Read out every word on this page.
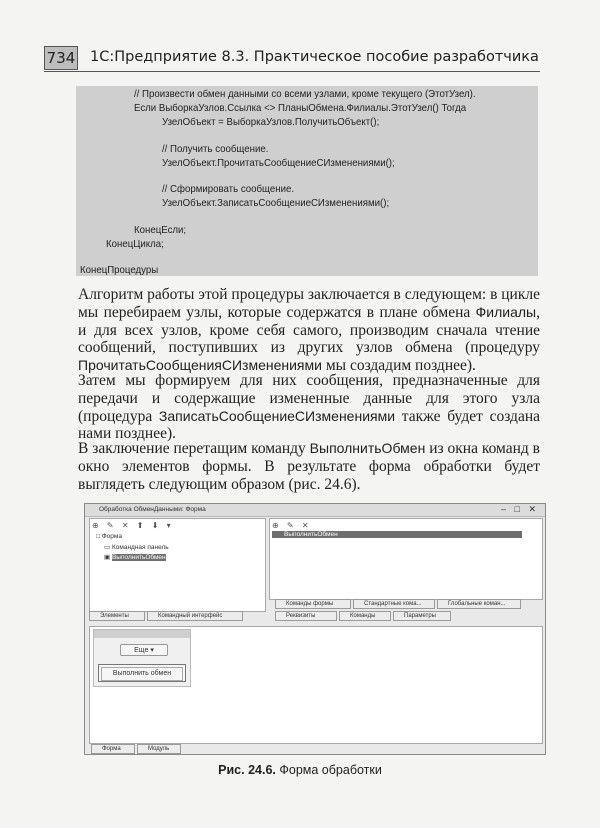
734 1С:Предприятие 8.3. Практическое пособие разработчика
// Произвести обмен данными со всеми узлами, кроме текущего (ЭтотУзел).
Если ВыборкаУзлов.Ссылка <> ПланыОбмена.Филиалы.ЭтотУзел() Тогда
УзелОбъект = ВыборкаУзлов.ПолучитьОбъект();
// Получить сообщение.
УзелОбъект.ПрочитатьСообщениеСИзменениями();
// Сформировать сообщение.
УзелОбъект.ЗаписатьСообщениеСИзменениями();
КонецЕсли;
КонецЦикла;
КонецПроцедуры

Алгоритм работы этой процедуры заключается в следующем: в цикле мы перебираем узлы, которые содержатся в плане обмена Филиалы, и для всех узлов, кроме себя самого, производим сначала чтение сообщений, поступивших из других узлов обмена (процедуру ПрочитатьСообщенияСИзменениями мы создадим позднее).

Затем мы формируем для них сообщения, предназначенные для передачи и содержащие измененные данные для этого узла (процедура ЗаписатьСообщениеСИзменениями также будет создана нами позднее).

В заключение перетащим команду ВыполнитьОбмен из окна команд в окно элементов формы. В результате форма обработки будет выглядеть следующим образом (рис. 24.6).

Обработка ОбменДанными: Форма	‒ □ ✕
⊕ ✎ ✕ ⬆ ⬇ ▾
□ Форма
▭ Командная панель
▣ ВыполнитьОбмен
Элементы	Командный интерфейс
⊕ ✎ ✕
ВыполнитьОбмен
Команды формы	Стандартные кома...	Глобальные коман...
Реквизиты	Команды	Параметры
Еще ▾
Выполнить обмен
Форма	Модуль
Рис. 24.6. Форма обработки
